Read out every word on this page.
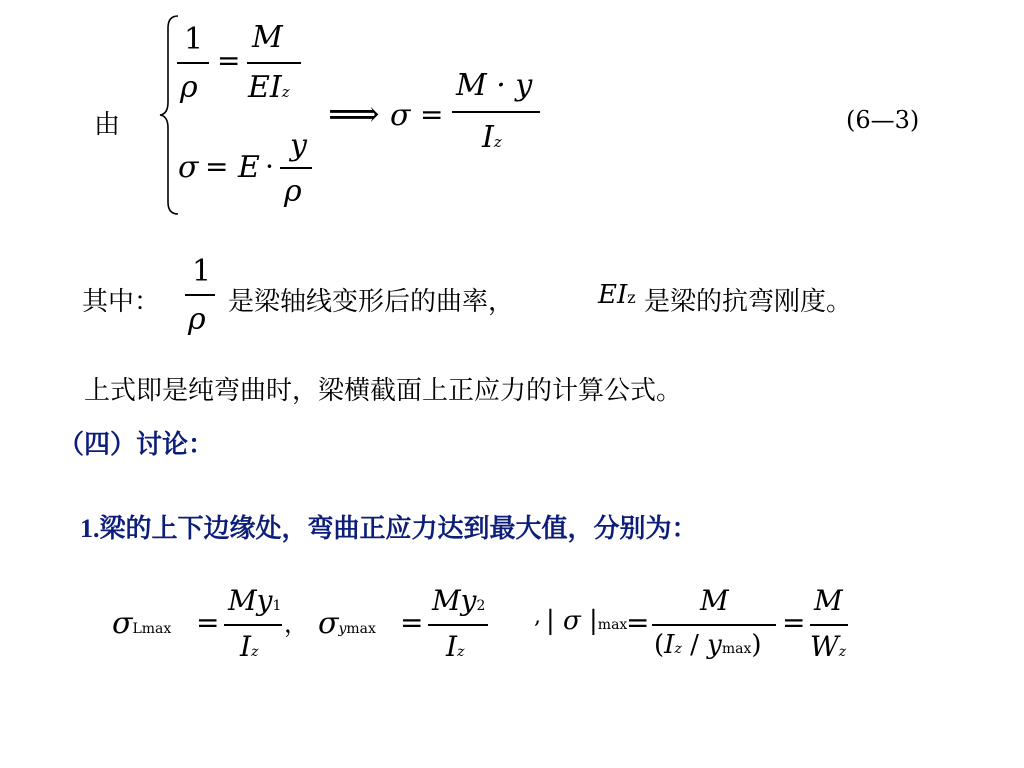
由
1
ρ
=
M
EIz
σ = E ·
y
ρ
⟹ σ =
M · y
Iz
(6—3)
其中：
1
ρ 是梁轴线变形后的曲率，	EIz 是梁的抗弯刚度。
上式即是纯弯曲时，梁横截面上正应力的计算公式。
（四）讨论：
1.梁的上下边缘处，弯曲正应力达到最大值，分别为：
σLmax =
My1
Iz
， σymax =
My2
Iz
, | σ |max
=
M
(Iz / ymax)
=
M
Wz
